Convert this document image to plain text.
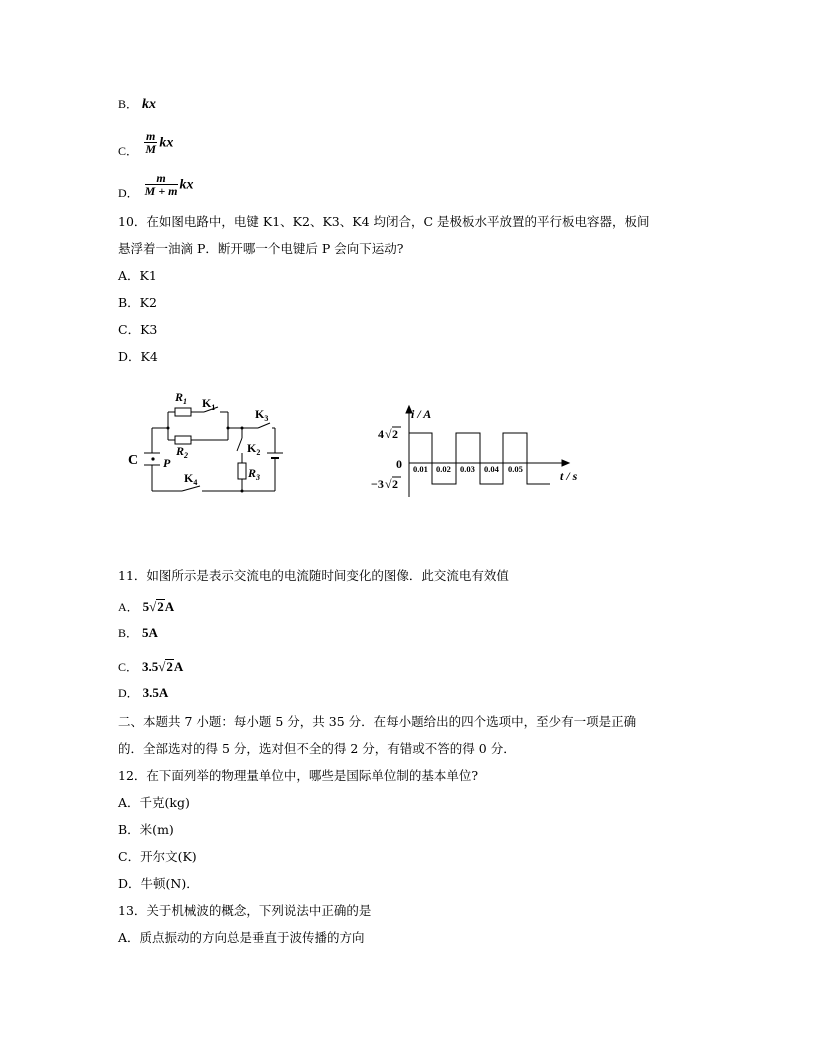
B． kx
C． $\frac{m}{M}$ kx
D． $\frac{m}{M + m}$ kx
10．在如图电路中，电键 K1、K2、K3、K4 均闭合，C 是极板水平放置的平行板电容器，板间
悬浮着一油滴 P．断开哪一个电键后 P 会向下运动?
A．K1
B．K2
C．K3
D．K4
$R_1$ $K_1$
$R_2$
$K_3$
$K_2$
$R_3$
$K_4$
C P
i / A
t / s
0
4 √ 2
−3 √ 2
0.01 0.02 0.03 0.04 0.05
11．如图所示是表示交流电的电流随时间变化的图像．此交流电有效值
A． 5√2A
B． 5A
C． 3.5√2A
D． 3.5A
二、本题共 7 小题：每小题 5 分，共 35 分．在每小题给出的四个选项中，至少有一项是正确
的．全部选对的得 5 分，选对但不全的得 2 分，有错或不答的得 0 分．
12．在下面列举的物理量单位中，哪些是国际单位制的基本单位?
A．千克(kg)
B．米(m)
C．开尔文(K)
D．牛顿(N)．
13．关于机械波的概念，下列说法中正确的是
A．质点振动的方向总是垂直于波传播的方向
